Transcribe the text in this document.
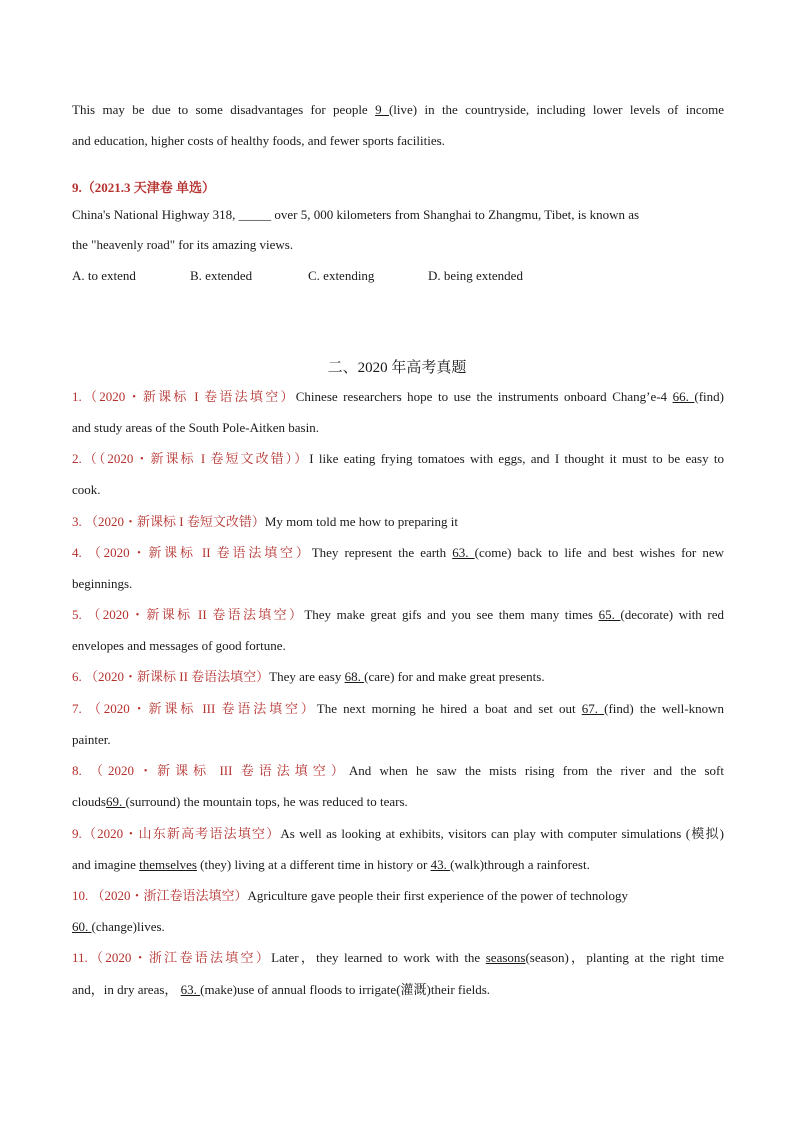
This may be due to some disadvantages for people 9 (live) in the countryside, including lower levels of income
and education, higher costs of healthy foods, and fewer sports facilities.
9.（2021.3 天津卷 单选）
China's National Highway 318, _____ over 5, 000 kilometers from Shanghai to Zhangmu, Tibet, is known as
the "heavenly road" for its amazing views.
A. to extend	B. extended	C. extending	D. being extended
二、2020 年高考真题
1.（2020・新课标 I 卷语法填空）Chinese researchers hope to use the instruments onboard Chang’e-4 66. (find)
and study areas of the South Pole-Aitken basin.
2.（（2020・新课标 I 卷短文改错））I like eating frying tomatoes with eggs, and I thought it must to be easy to
cook.
3. （2020・新课标 I 卷短文改错）My mom told me how to preparing it
4. （2020・新课标 II 卷语法填空）They represent the earth 63. (come) back to life and best wishes for new
beginnings.
5. （2020・新课标 II 卷语法填空）They make great gifs and you see them many times 65. (decorate) with red
envelopes and messages of good fortune.
6. （2020・新课标 II 卷语法填空）They are easy 68. (care) for and make great presents.
7. （2020・新课标 III 卷语法填空）The next morning he hired a boat and set out 67. (find) the well-known
painter.
8. （2020・新课标 III 卷语法填空）And when he saw the mists rising from the river and the soft
clouds69. (surround) the mountain tops, he was reduced to tears.
9.（2020・山东新高考语法填空）As well as looking at exhibits, visitors can play with computer simulations (模拟)
and imagine themselves (they) living at a different time in history or 43. (walk)through a rainforest.
10. （2020・浙江卷语法填空）Agriculture gave people their first experience of the power of technology
60. (change)lives.
11.（2020・浙江卷语法填空）Later，they learned to work with the seasons(season)，planting at the right time
and，in dry areas， 63. (make)use of annual floods to irrigate(灌溉)their fields.
